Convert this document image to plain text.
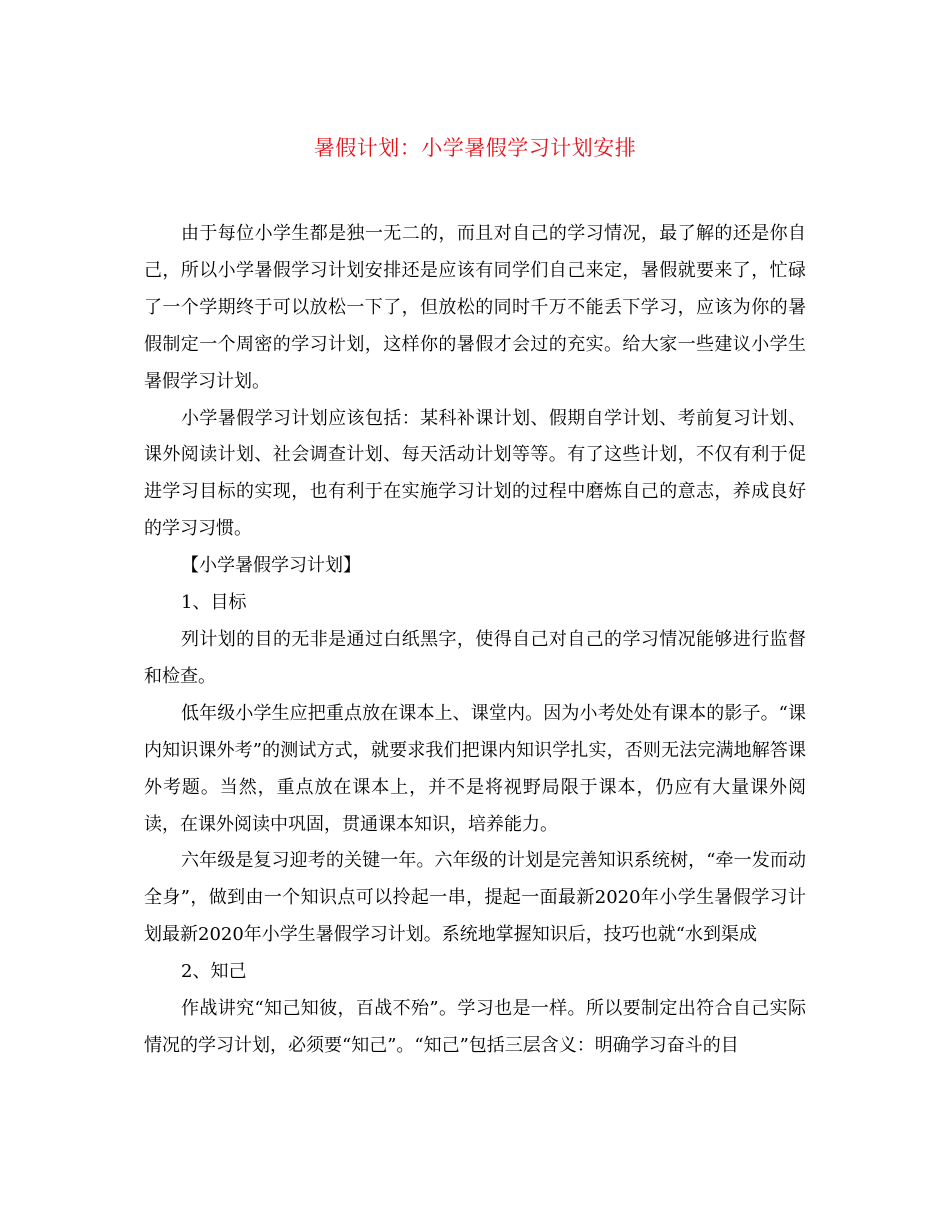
暑假计划：小学暑假学习计划安排

由于每位小学生都是独一无二的，而且对自己的学习情况，最了解的还是你自己，所以小学暑假学习计划安排还是应该有同学们自己来定，暑假就要来了，忙碌了一个学期终于可以放松一下了，但放松的同时千万不能丢下学习，应该为你的暑假制定一个周密的学习计划，这样你的暑假才会过的充实。给大家一些建议小学生暑假学习计划。

小学暑假学习计划应该包括：某科补课计划、假期自学计划、考前复习计划、课外阅读计划、社会调查计划、每天活动计划等等。有了这些计划，不仅有利于促进学习目标的实现，也有利于在实施学习计划的过程中磨炼自己的意志，养成良好的学习习惯。

【小学暑假学习计划】

1、目标

列计划的目的无非是通过白纸黑字，使得自己对自己的学习情况能够进行监督和检查。

低年级小学生应把重点放在课本上、课堂内。因为小考处处有课本的影子。“课内知识课外考”的测试方式，就要求我们把课内知识学扎实，否则无法完满地解答课外考题。当然，重点放在课本上，并不是将视野局限于课本，仍应有大量课外阅读，在课外阅读中巩固，贯通课本知识，培养能力。

六年级是复习迎考的关键一年。六年级的计划是完善知识系统树，“牵一发而动全身”，做到由一个知识点可以拎起一串，提起一面最新2020年小学生暑假学习计划最新2020年小学生暑假学习计划。系统地掌握知识后，技巧也就“水到渠成

2、知己

作战讲究“知己知彼，百战不殆”。学习也是一样。所以要制定出符合自己实际情况的学习计划，必须要“知己”。“知己”包括三层含义：明确学习奋斗的目
